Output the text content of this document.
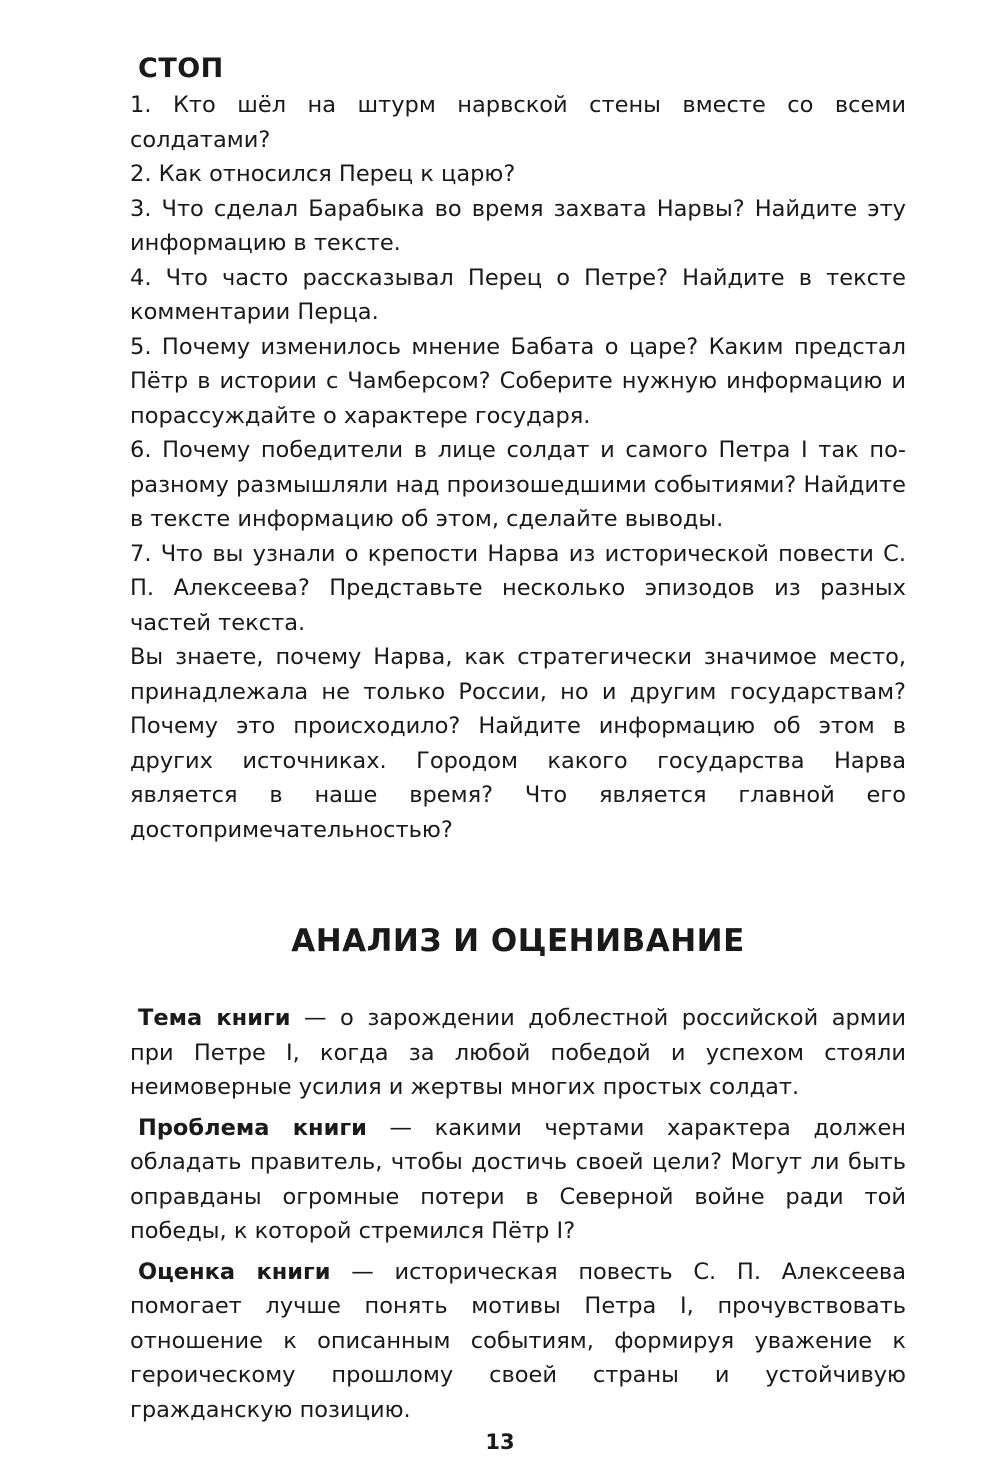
СТОП

1. Кто шёл на штурм нарвской стены вместе со всеми солдатами?

2. Как относился Перец к царю?

3. Что сделал Барабыка во время захвата Нарвы? Найдите эту информацию в тексте.

4. Что часто рассказывал Перец о Петре? Найдите в тексте комментарии Перца.

5. Почему изменилось мнение Бабата о царе? Каким предстал Пётр в истории с Чамберсом? Соберите нужную информацию и порассуждайте о характере государя.

6. Почему победители в лице солдат и самого Петра I так по-разному размышляли над произошедшими событиями? Найдите в тексте информацию об этом, сделайте выводы.

7. Что вы узнали о крепости Нарва из исторической повести С. П. Алексеева? Представьте несколько эпизодов из разных частей текста.

Вы знаете, почему Нарва, как стратегически значимое место, принадлежала не только России, но и другим государствам? Почему это происходило? Найдите информацию об этом в других источниках. Городом какого государства Нарва является в наше время? Что является главной его достопримечательностью?

АНАЛИЗ И ОЦЕНИВАНИЕ

Тема книги — о зарождении доблестной российской армии при Петре I, когда за любой победой и успехом стояли неимоверные усилия и жертвы многих простых солдат.

Проблема книги — какими чертами характера должен обладать правитель, чтобы достичь своей цели? Могут ли быть оправданы огромные потери в Северной войне ради той победы, к которой стремился Пётр I?

Оценка книги — историческая повесть С. П. Алексеева помогает лучше понять мотивы Петра I, прочувствовать отношение к описанным событиям, формируя уважение к героическому прошлому своей страны и устойчивую гражданскую позицию.

13
